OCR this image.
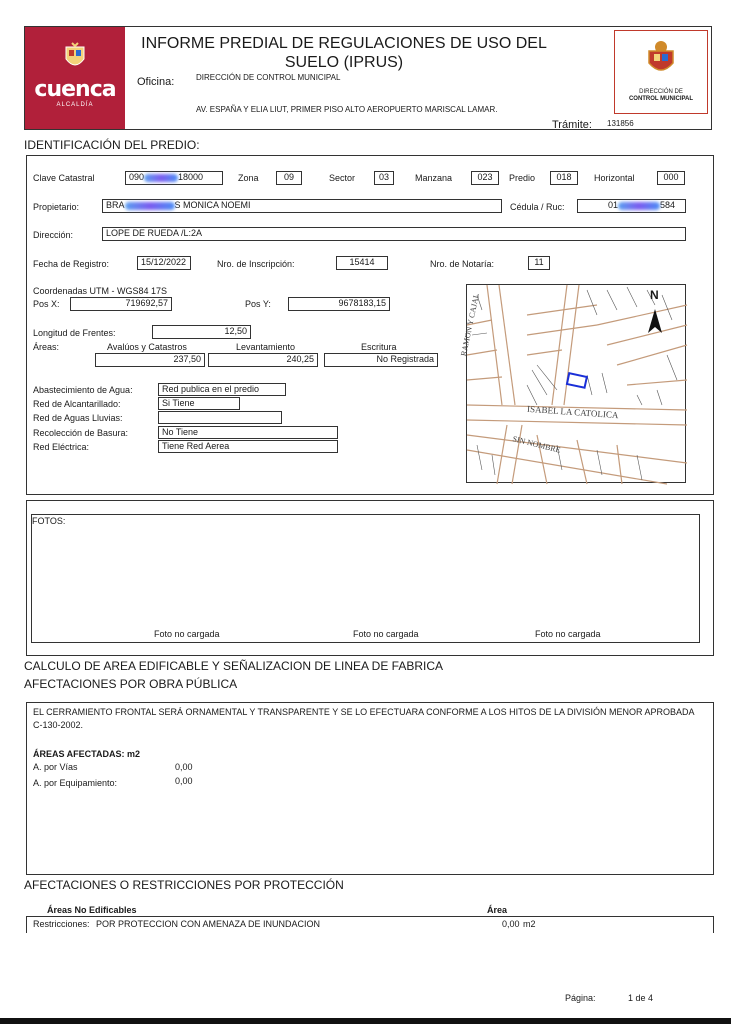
cuenca
ALCALDÍA
INFORME PREDIAL DE REGULACIONES DE USO DEL SUELO (IPRUS)
Oficina:	DIRECCIÓN DE CONTROL MUNICIPAL
AV. ESPAÑA Y ELIA LIUT, PRIMER PISO ALTO AEROPUERTO MARISCAL LAMAR.
Trámite: 131856
DIRECCIÓN DE
CONTROL MUNICIPAL
IDENTIFICACIÓN DEL PREDIO:
Clave Catastral	090	18000	Zona	09	Sector	03	Manzana	023	Predio	018	Horizontal	000
Propietario:	BRA	S MONICA NOEMI	Cédula / Ruc:	01	584
Dirección:	LOPE DE RUEDA /L:2A
Fecha de Registro:	15/12/2022	Nro. de Inscripción:	15414	Nro. de Notaría:	11
Coordenadas UTM - WGS84 17S
Pos X:	719692,57	Pos Y:	9678183,15
Longitud de Frentes:	12,50
Áreas:	Avalúos y Catastros	Levantamiento	Escritura
237,50	240,25	No Registrada
Abastecimiento de Agua:	Red publica en el predio
Red de Alcantarillado:	Si Tiene
Red de Aguas Lluvias:
Recolección de Basura:	No Tiene
Red Eléctrica:	Tiene Red Aerea
N
ISABEL LA CATOLICA
SIN NOMBRE
RAMON Y CAJAL
FOTOS:
Foto no cargada	Foto no cargada	Foto no cargada
CALCULO DE AREA EDIFICABLE Y SEÑALIZACION DE LINEA DE FABRICA
AFECTACIONES POR OBRA PÚBLICA
EL CERRAMIENTO FRONTAL SERÁ ORNAMENTAL Y TRANSPARENTE Y SE LO EFECTUARA CONFORME A LOS HITOS DE LA DIVISIÓN MENOR APROBADA C-130-2002.
ÁREAS AFECTADAS: m2
A. por Vías	0,00
A. por Equipamiento:	0,00
AFECTACIONES O RESTRICCIONES POR PROTECCIÓN
Áreas No Edificables	Área
Restricciones: POR PROTECCION CON AMENAZA DE INUNDACION	0,00 m2
Página:	1 de 4
